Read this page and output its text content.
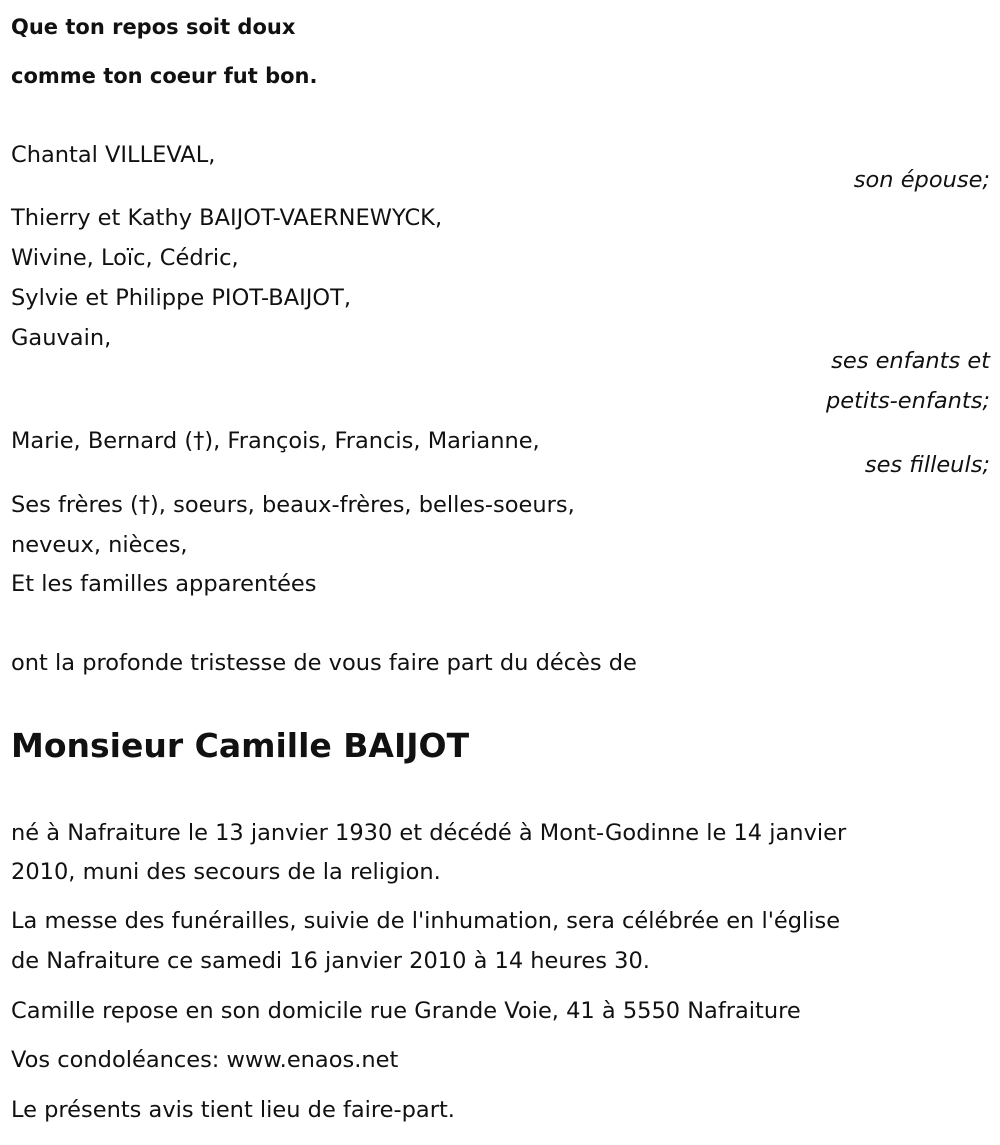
Que ton repos soit doux
comme ton coeur fut bon.
Chantal VILLEVAL,
son épouse;
Thierry et Kathy BAIJOT-VAERNEWYCK,
Wivine, Loïc, Cédric,
Sylvie et Philippe PIOT-BAIJOT,
Gauvain,
ses enfants et
petits-enfants;
Marie, Bernard (†), François, Francis, Marianne,
ses filleuls;
Ses frères (†), soeurs, beaux-frères, belles-soeurs,
neveux, nièces,
Et les familles apparentées
ont la profonde tristesse de vous faire part du décès de
Monsieur Camille BAIJOT
né à Nafraiture le 13 janvier 1930 et décédé à Mont-Godinne le 14 janvier
2010, muni des secours de la religion.
La messe des funérailles, suivie de l'inhumation, sera célébrée en l'église
de Nafraiture ce samedi 16 janvier 2010 à 14 heures 30.
Camille repose en son domicile rue Grande Voie, 41 à 5550 Nafraiture
Vos condoléances: www.enaos.net
Le présents avis tient lieu de faire-part.
